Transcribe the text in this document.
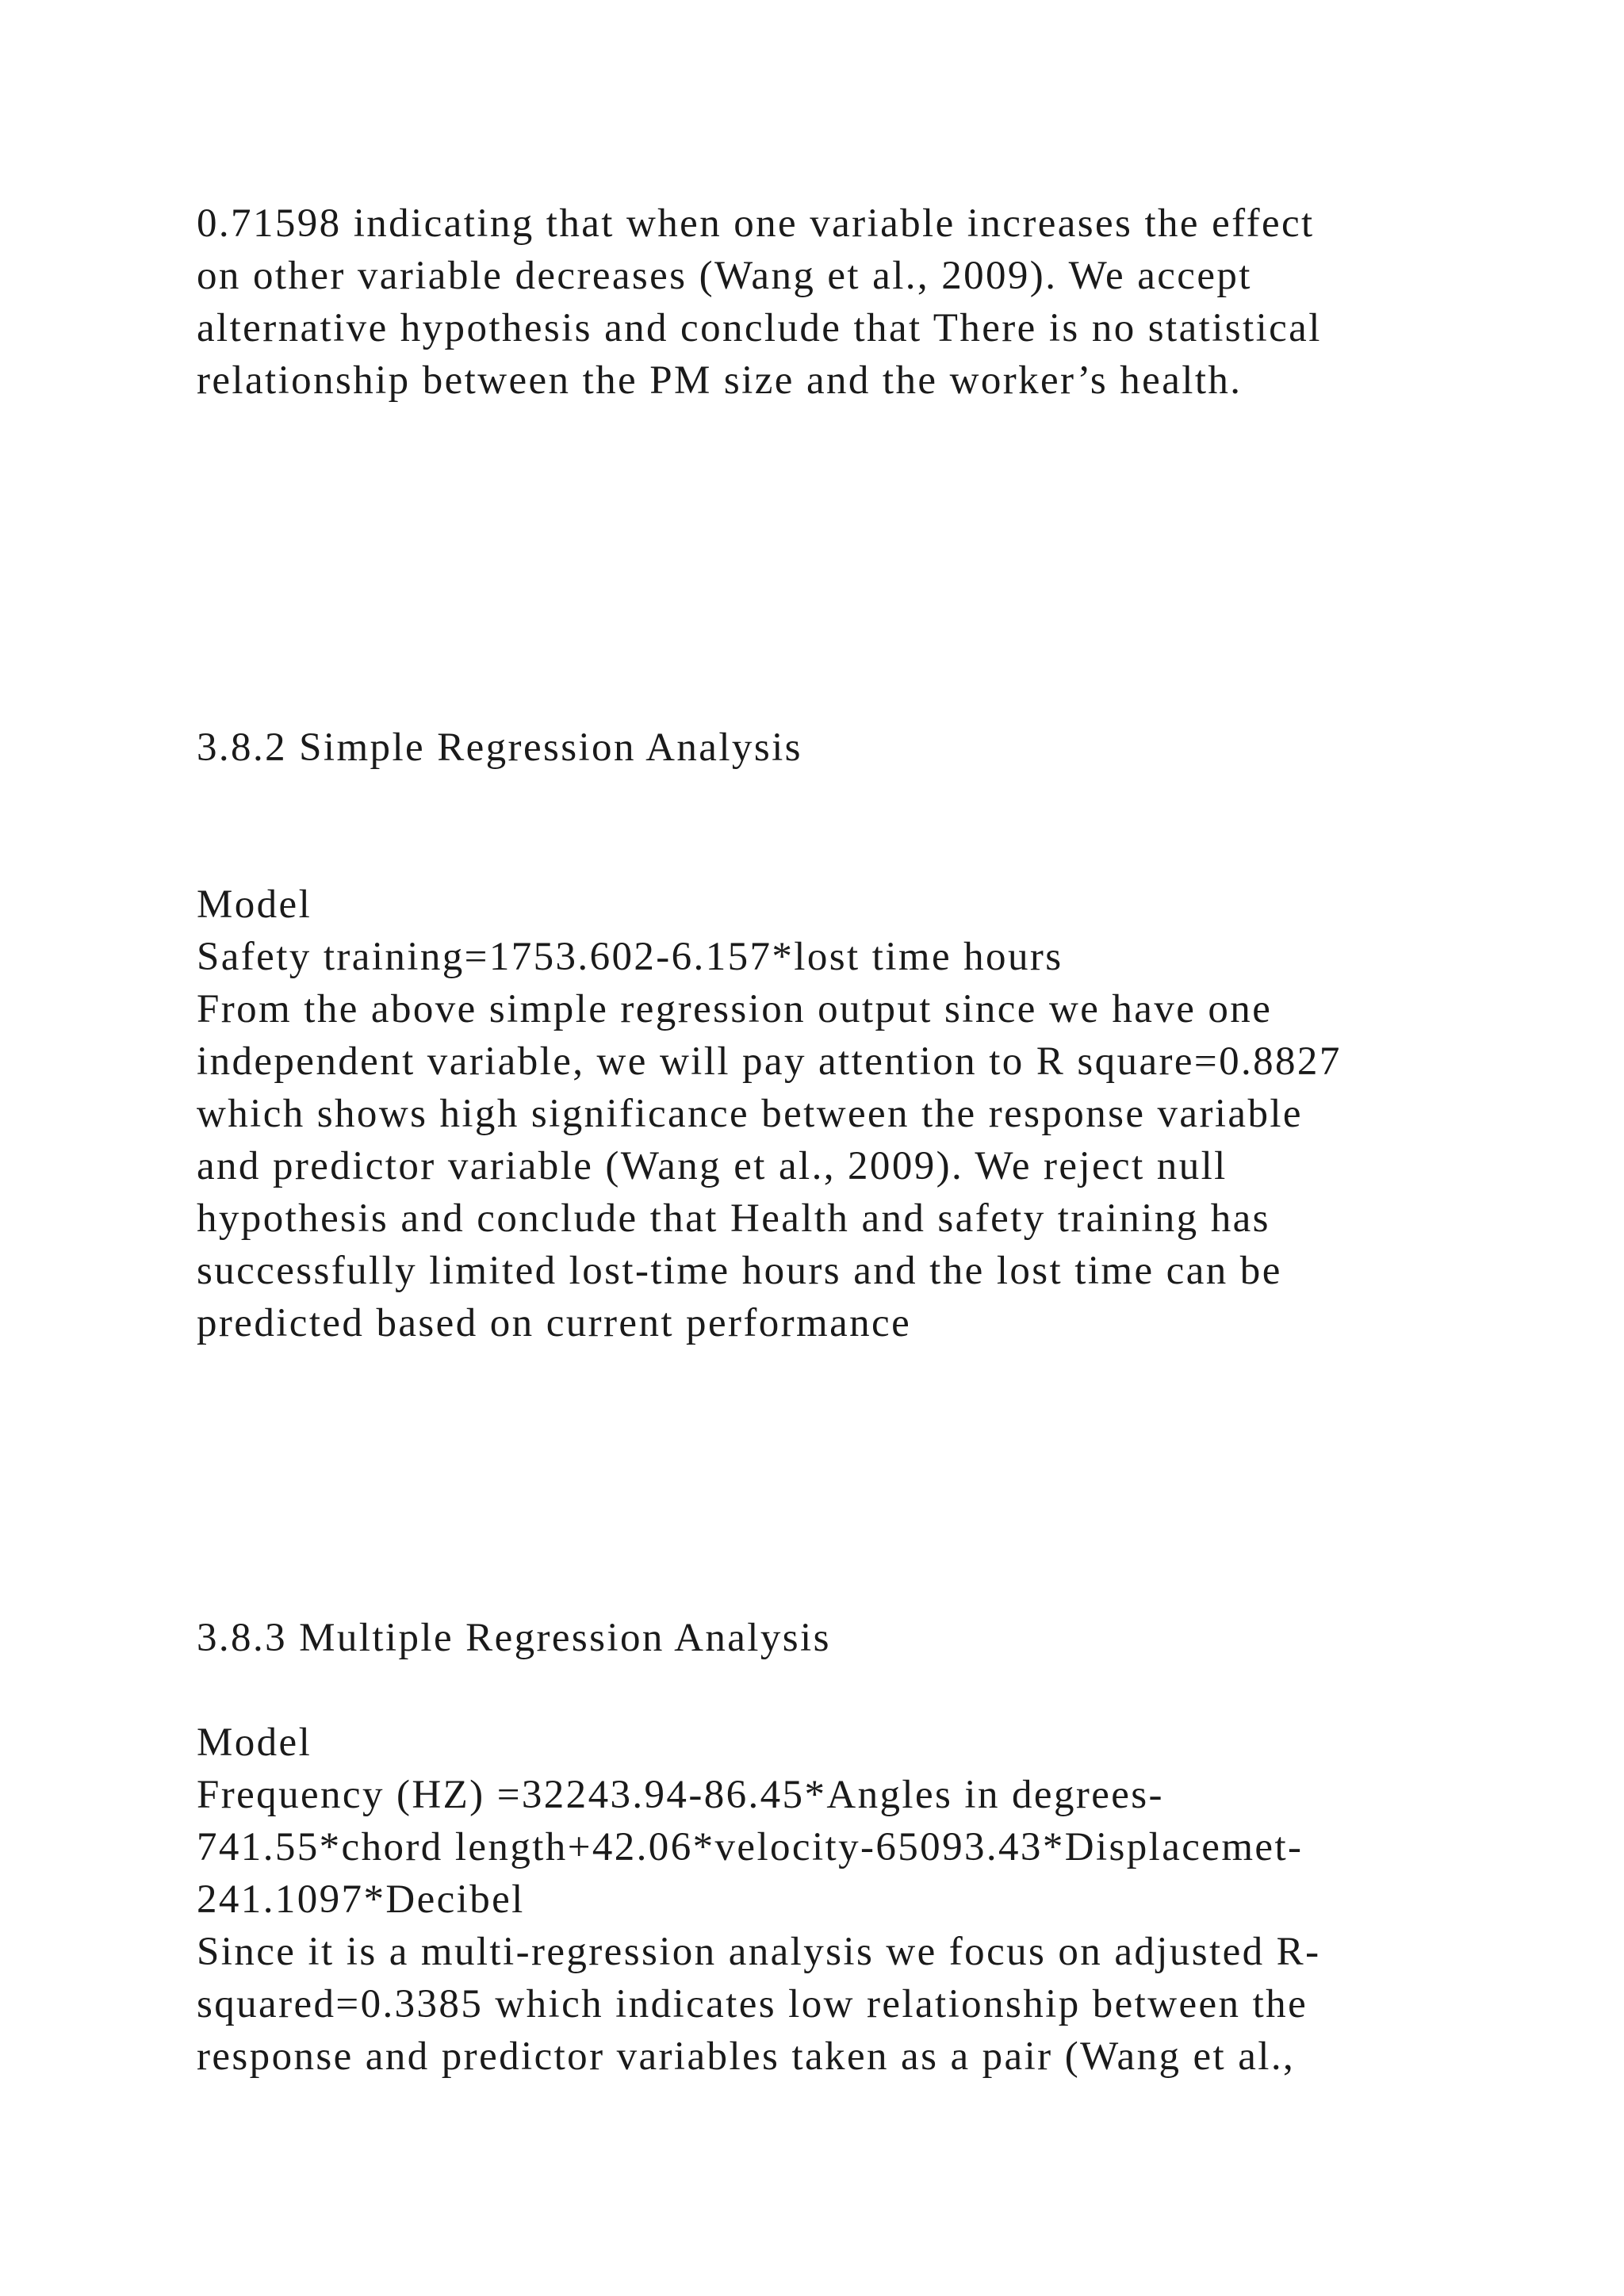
0.71598 indicating that when one variable increases the effect
on other variable decreases (Wang et al., 2009). We accept
alternative hypothesis and conclude that There is no statistical
relationship between the PM size and the worker’s health.
3.8.2 Simple Regression Analysis
Model
Safety training=1753.602-6.157*lost time hours
From the above simple regression output since we have one
independent variable, we will pay attention to R square=0.8827
which shows high significance between the response variable
and predictor variable (Wang et al., 2009). We reject null
hypothesis and conclude that Health and safety training has
successfully limited lost-time hours and the lost time can be
predicted based on current performance
3.8.3 Multiple Regression Analysis
Model
Frequency (HZ) =32243.94-86.45*Angles in degrees-
741.55*chord length+42.06*velocity-65093.43*Displacemet-
241.1097*Decibel
Since it is a multi-regression analysis we focus on adjusted R-
squared=0.3385 which indicates low relationship between the
response and predictor variables taken as a pair (Wang et al.,
